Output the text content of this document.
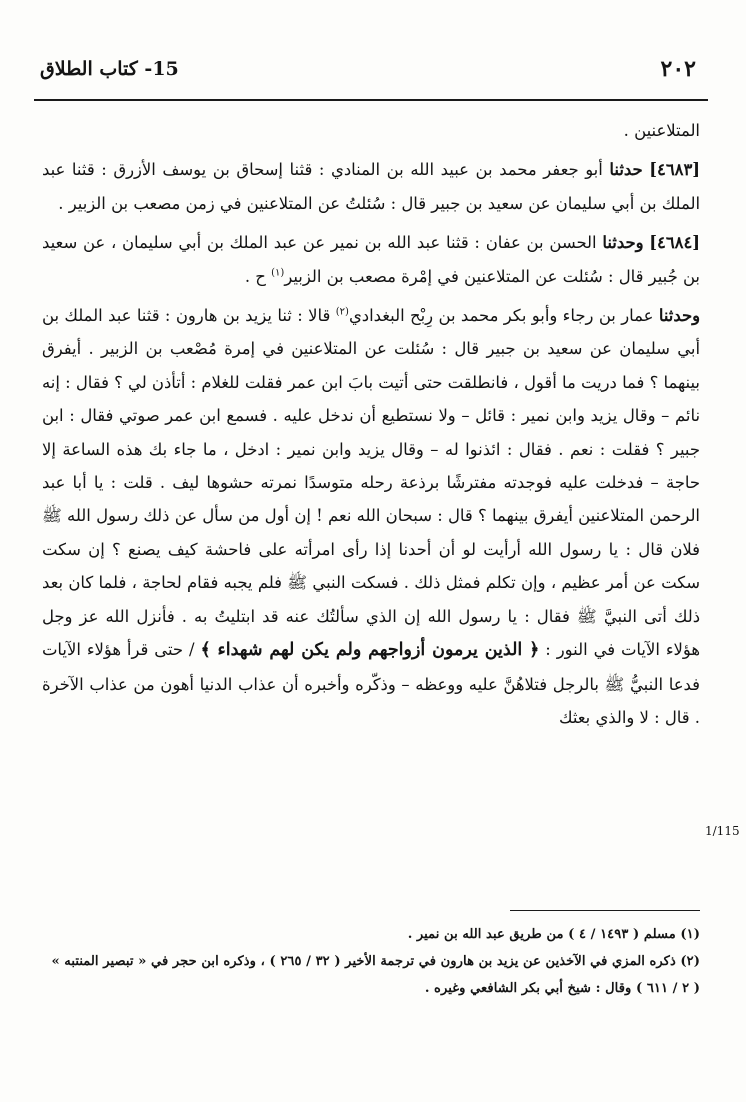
15- كتاب الطلاق	٢٠٢

المتلاعنين .

[٤٦٨٣] حدثنا أبو جعفر محمد بن عبيد الله بن المنادي : قثنا إسحاق بن يوسف الأزرق : قثنا عبد الملك بن أبي سليمان عن سعيد بن جبير قال : سُئلتُ عن المتلاعنين في زمن مصعب بن الزبير .

[٤٦٨٤] وحدثنا الحسن بن عفان : قثنا عبد الله بن نمير عن عبد الملك بن أبي سليمان ، عن سعيد بن جُبير قال : سُئلت عن المتلاعنين في إمْرة مصعب بن الزبير$^{(١)}$ ح .

وحدثنا عمار بن رجاء وأبو بكر محمد بن رِبْح البغدادي$^{(٢)}$ قالا : ثنا يزيد بن هارون : قثنا عبد الملك بن أبي سليمان عن سعيد بن جبير قال : سُئلت عن المتلاعنين في إمرة مُصْعب بن الزبير . أيفرق بينهما ؟ فما دريت ما أقول ، فانطلقت حتى أتيت بابَ ابن عمر فقلت للغلام : أتأذن لي ؟ فقال : إنه نائم – وقال يزيد وابن نمير : قائل – ولا نستطيع أن ندخل عليه . فسمع ابن عمر صوتي فقال : ابن جبير ؟ فقلت : نعم . فقال : ائذنوا له – وقال يزيد وابن نمير : ادخل ، ما جاء بك هذه الساعة إلا حاجة – فدخلت عليه فوجدته مفترشًا برذعة رحله متوسدًا نمرته حشوها ليف . قلت : يا أبا عبد الرحمن المتلاعنين أيفرق بينهما ؟ قال : سبحان الله نعم ! إن أول من سأل عن ذلك رسول الله ﷺ فلان قال : يا رسول الله أرأيت لو أن أحدنا إذا رأى امرأته على فاحشة كيف يصنع ؟ إن سكت سكت عن أمر عظيم ، وإن تكلم فمثل ذلك . فسكت النبي ﷺ فلم يجبه فقام لحاجة ، فلما كان بعد ذلك أتى النبيَّ ﷺ فقال : يا رسول الله إن الذي سألتُك عنه قد ابتليتُ به . فأنزل الله عز وجل هؤلاء الآيات في النور : ﴿ الذين يرمون أزواجهم ولم يكن لهم شهداء ﴾ / حتى قرأ هؤلاء الآيات فدعا النبيُّ ﷺ بالرجل فتلاهُنَّ عليه ووعظه – وذكّره وأخبره أن عذاب الدنيا أهون من عذاب الآخرة . قال : لا والذي بعثك

1/115

(١) مسلم ( ١٤٩٣ / ٤ ) من طريق عبد الله بن نمير .

(٢) ذكره المزي في الآخذين عن يزيد بن هارون في ترجمة الأخير ( ٣٢ / ٢٦٥ ) ، وذكره ابن حجر في « تبصير المنتبه » ( ٢ / ٦١١ ) وقال : شيخ أبي بكر الشافعي وغيره .
